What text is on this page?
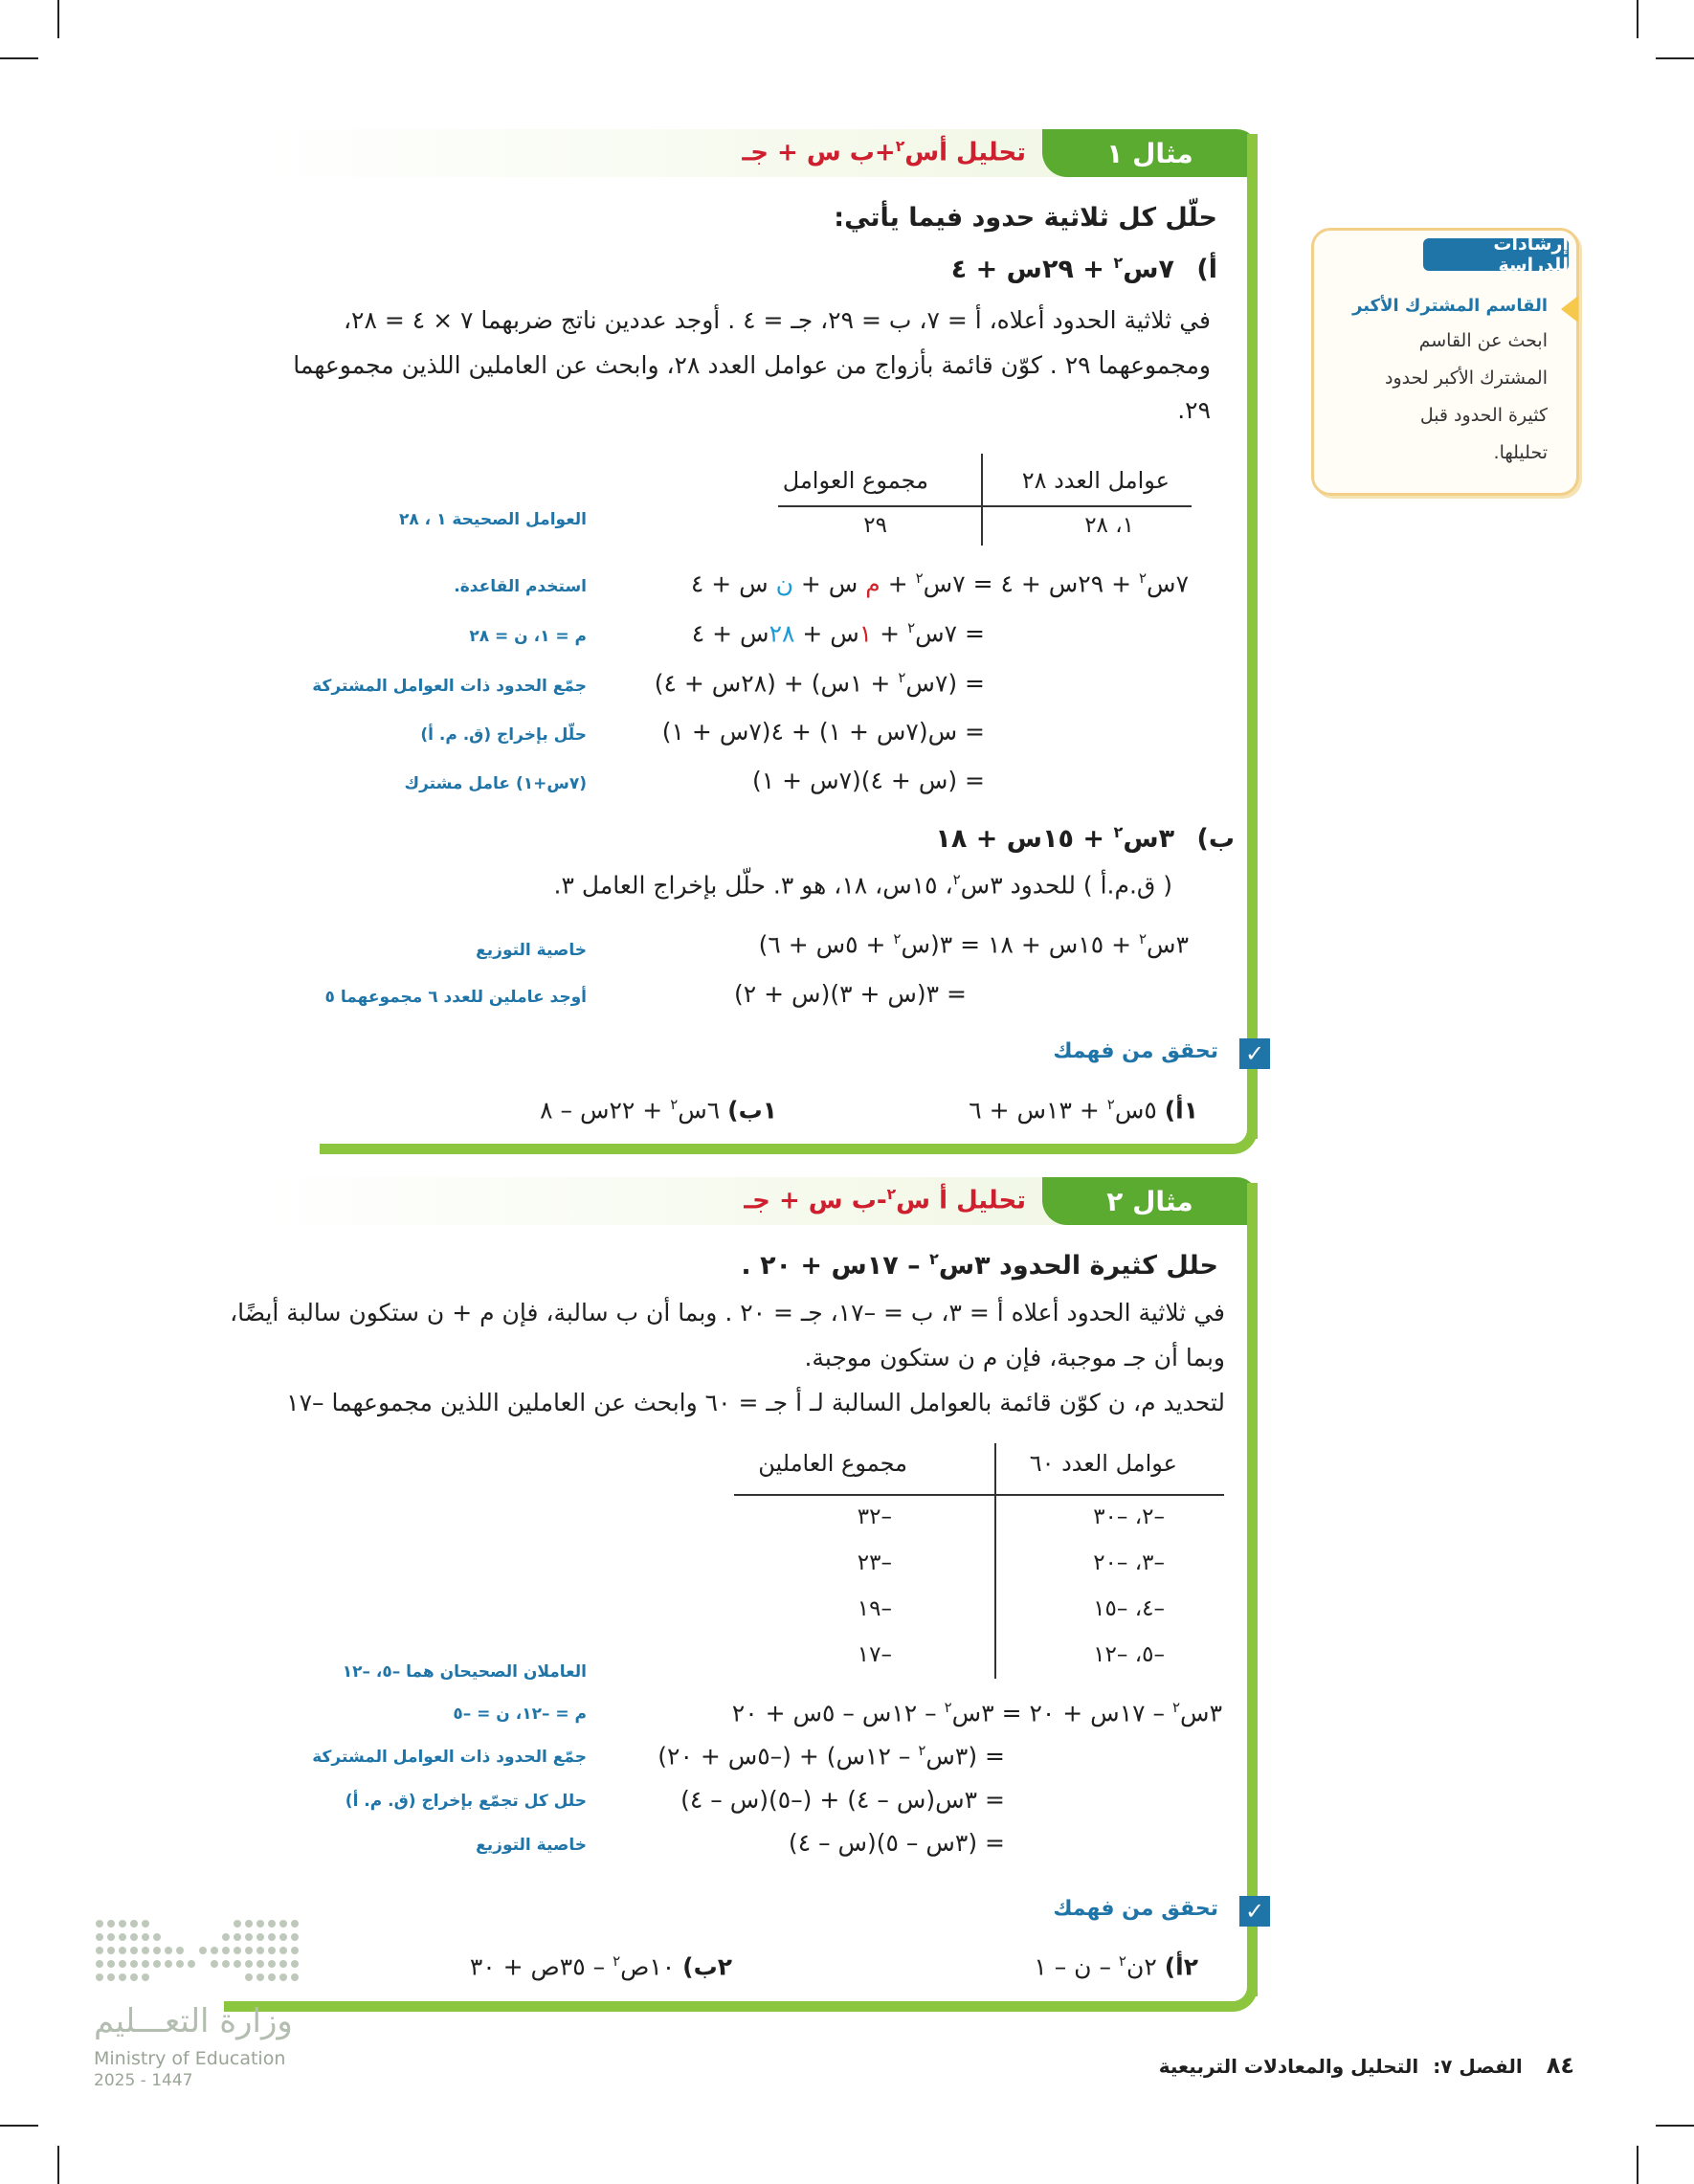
مثال ١
تحليل أس$^٢$+ب س + جـ
حلّل كل ثلاثية حدود فيما يأتي:
أ) ٧س$^٢$ + ٢٩س + ٤
في ثلاثية الحدود أعلاه، أ = ٧، ب = ٢٩، جـ = ٤ . أوجد عددين ناتج ضربهما ٧ × ٤ = ٢٨،
ومجموعهما ٢٩ . كوّن قائمة بأزواج من عوامل العدد ٢٨، وابحث عن العاملين اللذين مجموعهما
٢٩.
عوامل العدد ٢٨
مجموع العوامل
١، ٢٨
٢٩
العوامل الصحيحة ١ ، ٢٨
٧س$^٢$ + ٢٩س + ٤ = ٧س$^٢$ + م س + ن س + ٤
استخدم القاعدة.
= ٧س$^٢$ + ١س + ٢٨س + ٤
م = ١، ن = ٢٨
= (٧س$^٢$ + ١س) + (٢٨س + ٤)
جمّع الحدود ذات العوامل المشتركة
= س(٧س + ١) + ٤(٧س + ١)
حلّل بإخراج (ق. م. أ)
= (س + ٤)(٧س + ١)
(٧س+١) عامل مشترك
ب) ٣س$^٢$ + ١٥س + ١٨
( ق.م.أ ) للحدود ٣س$^٢$، ١٥س، ١٨، هو ٣. حلّل بإخراج العامل ٣.
٣س$^٢$ + ١٥س + ١٨ = ٣(س$^٢$ + ٥س + ٦)
خاصية التوزيع
= ٣(س + ٣)(س + ٢)
أوجد عاملين للعدد ٦ مجموعهما ٥
✓
تحقق من فهمك
١أ) ٥س$^٢$ + ١٣س + ٦
١ب) ٦س$^٢$ + ٢٢س – ٨
مثال ٢
تحليل أ س$^٢$-ب س + جـ
حلل كثيرة الحدود ٣س$^٢$ – ١٧س + ٢٠ .
في ثلاثية الحدود أعلاه أ = ٣، ب = –١٧، جـ = ٢٠ . وبما أن ب سالبة، فإن م + ن ستكون سالبة أيضًا،
وبما أن جـ موجبة، فإن م ن ستكون موجبة.
لتحديد م، ن كوّن قائمة بالعوامل السالبة لـ أ جـ = ٦٠ وابحث عن العاملين اللذين مجموعهما –١٧
عوامل العدد ٦٠
مجموع العاملين
–٢، –٣٠
–٣٢
–٣، –٢٠
–٢٣
–٤، –١٥
–١٩
–٥، –١٢
–١٧
العاملان الصحيحان هما –٥، –١٢
٣س$^٢$ – ١٧س + ٢٠ = ٣س$^٢$ – ١٢س – ٥س + ٢٠
م = –١٢، ن = –٥
= (٣س$^٢$ – ١٢س) + (–٥س + ٢٠)
جمّع الحدود ذات العوامل المشتركة
= ٣س(س – ٤) + (–٥)(س – ٤)
حلل كل تجمّع بإخراج (ق. م. أ)
= (٣س – ٥)(س – ٤)
خاصية التوزيع
✓
تحقق من فهمك
٢أ) ٢ن$^٢$ – ن – ١
٢ب) ١٠ص$^٢$ – ٣٥ص + ٣٠
إرشادات للدراسة
القاسم المشترك الأكبر
ابحث عن القاسم
المشترك الأكبر لحدود
كثيرة الحدود قبل
تحليلها.
وزارة التعـــليم
Ministry of Education
2025 - 1447
٨٤ الفصل ٧: التحليل والمعادلات التربيعية
